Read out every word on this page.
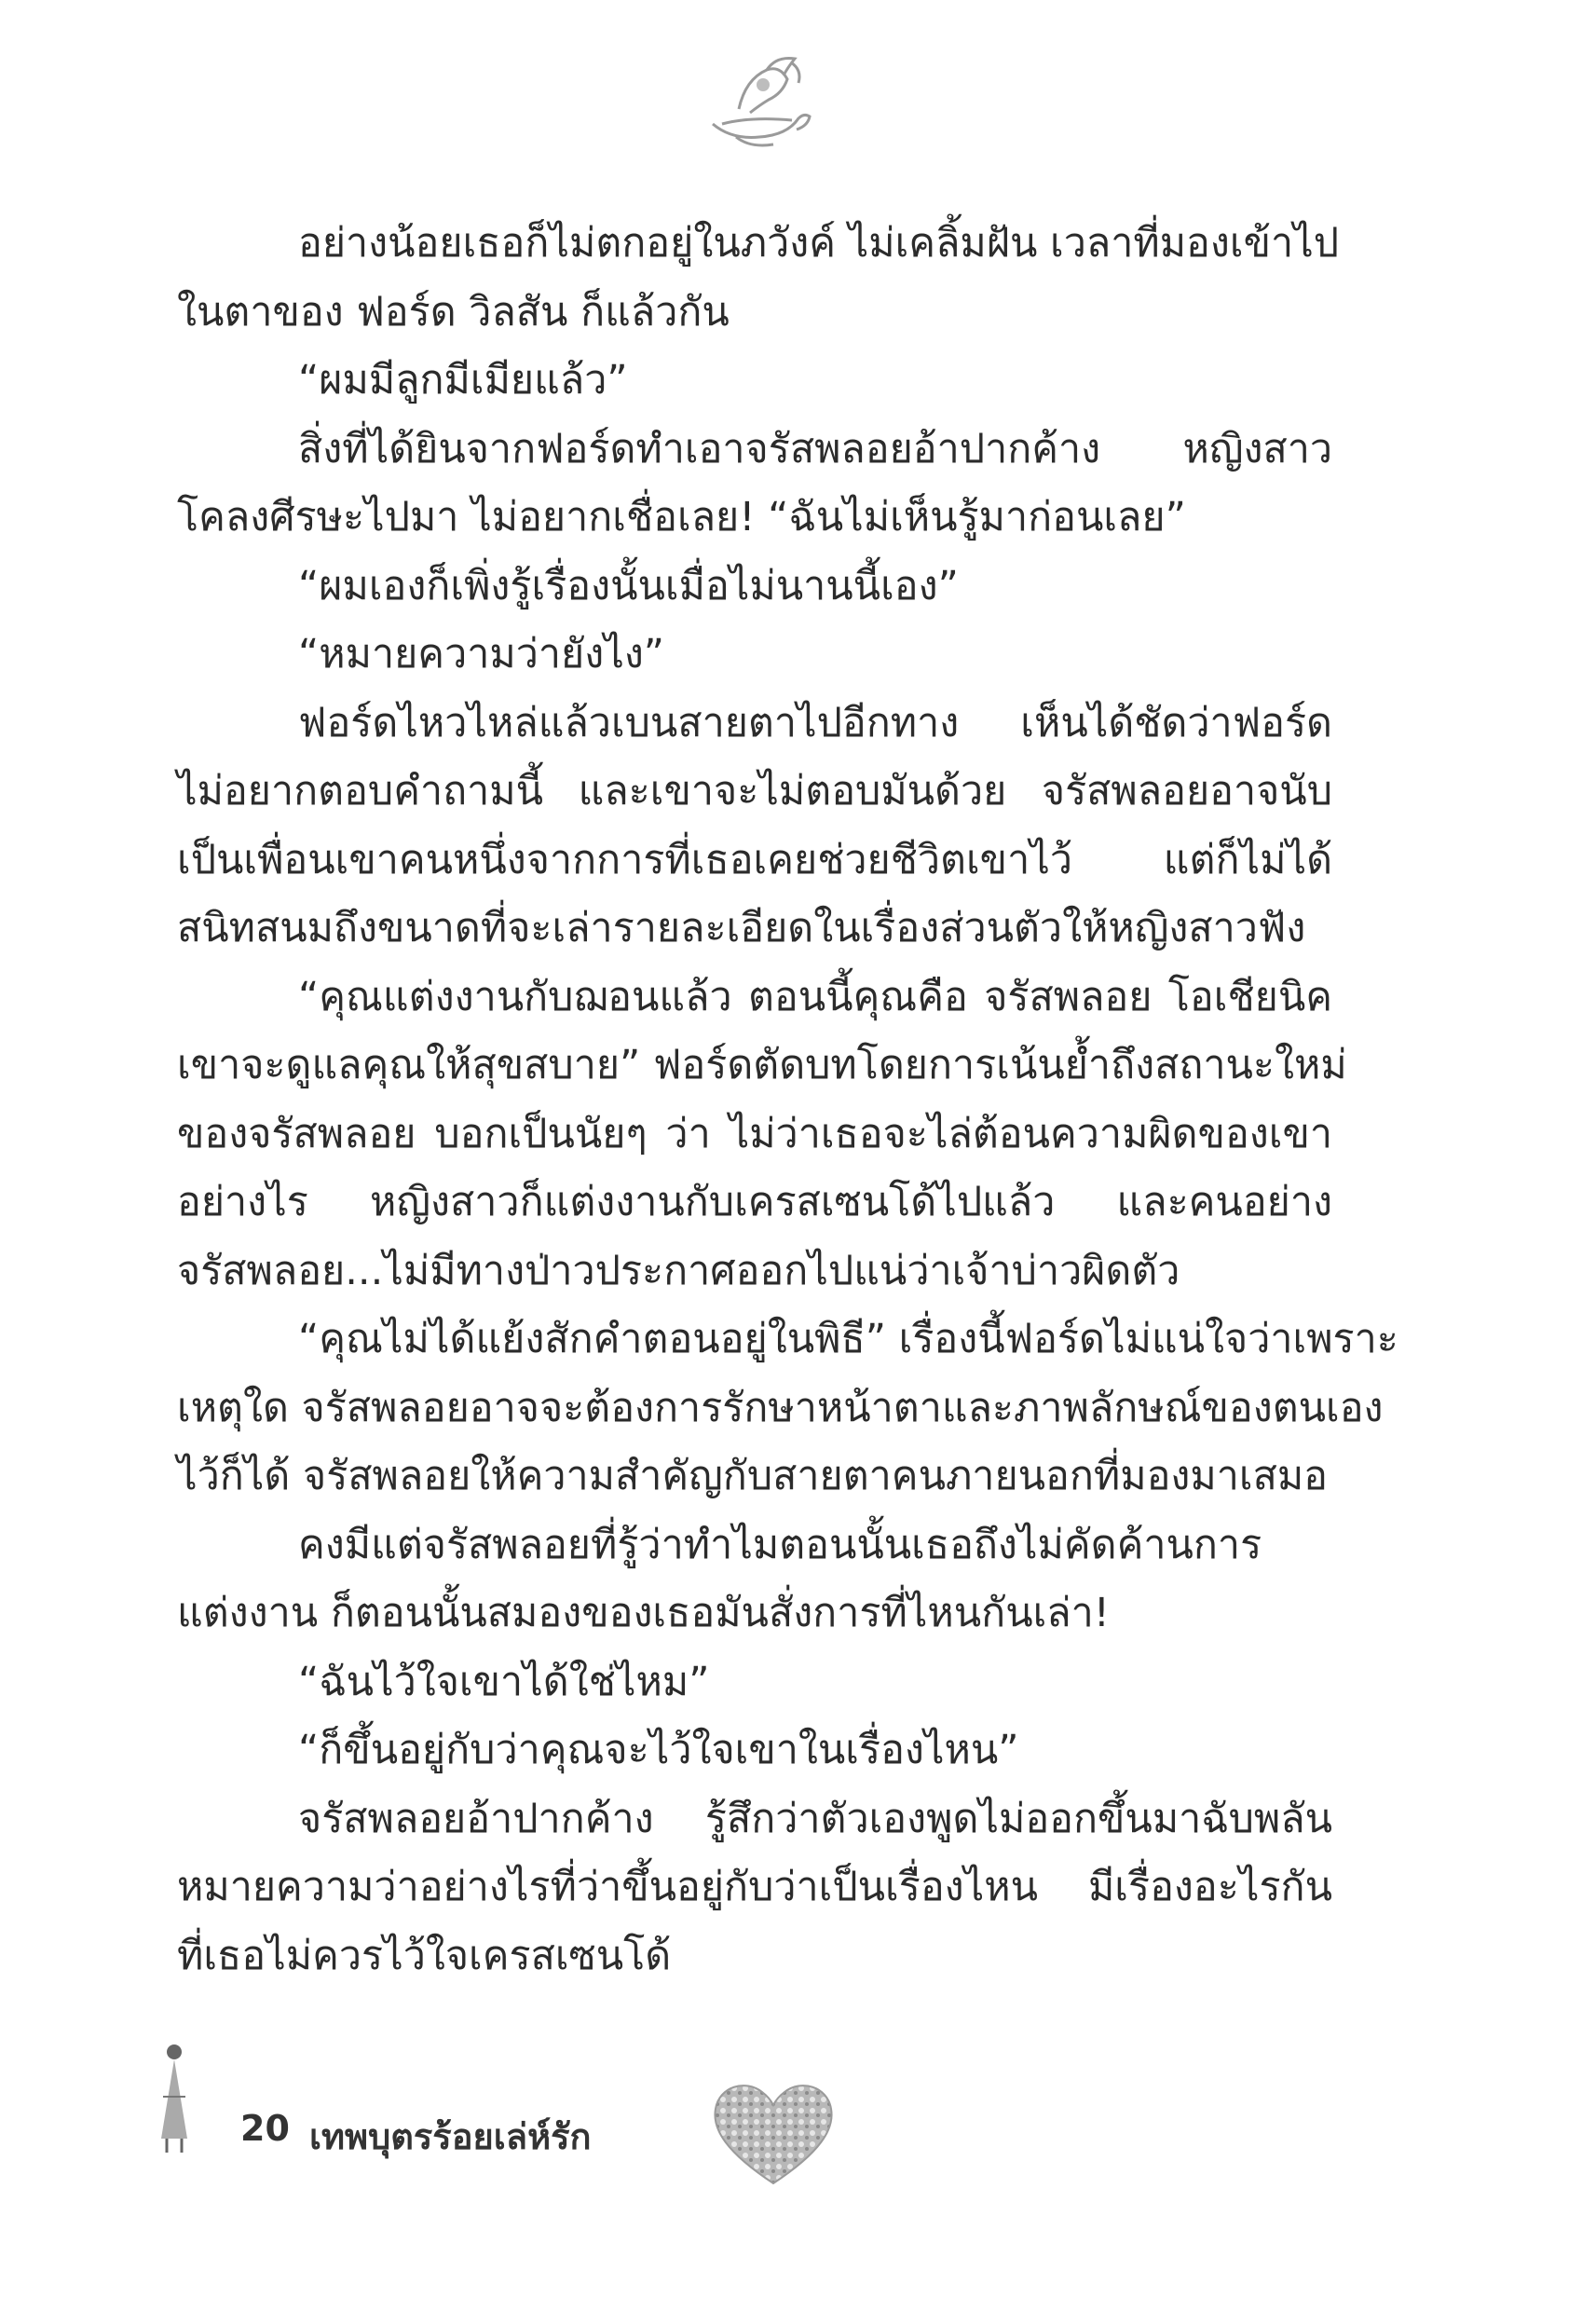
อย่างน้อยเธอก็ไม่ตกอยู่ในภวังค์ ไม่เคลิ้มฝัน เวลาที่มองเข้าไป
ในตาของ ฟอร์ด วิลสัน ก็แล้วกัน
“ผมมีลูกมีเมียแล้ว”
สิ่งที่ได้ยินจากฟอร์ดทำเอาจรัสพลอยอ้าปากค้าง หญิงสาว
โคลงศีรษะไปมา ไม่อยากเชื่อเลย! “ฉันไม่เห็นรู้มาก่อนเลย”
“ผมเองก็เพิ่งรู้เรื่องนั้นเมื่อไม่นานนี้เอง”
“หมายความว่ายังไง”
ฟอร์ดไหวไหล่แล้วเบนสายตาไปอีกทาง เห็นได้ชัดว่าฟอร์ด
ไม่อยากตอบคำถามนี้ และเขาจะไม่ตอบมันด้วย จรัสพลอยอาจนับ
เป็นเพื่อนเขาคนหนึ่งจากการที่เธอเคยช่วยชีวิตเขาไว้ แต่ก็ไม่ได้
สนิทสนมถึงขนาดที่จะเล่ารายละเอียดในเรื่องส่วนตัวให้หญิงสาวฟัง
“คุณแต่งงานกับฌอนแล้ว ตอนนี้คุณคือ จรัสพลอย โอเชียนิค
เขาจะดูแลคุณให้สุขสบาย” ฟอร์ดตัดบทโดยการเน้นย้ำถึงสถานะใหม่
ของจรัสพลอย บอกเป็นนัยๆ ว่า ไม่ว่าเธอจะไล่ต้อนความผิดของเขา
อย่างไร หญิงสาวก็แต่งงานกับเครสเซนโด้ไปแล้ว และคนอย่าง
จรัสพลอย...ไม่มีทางป่าวประกาศออกไปแน่ว่าเจ้าบ่าวผิดตัว
“คุณไม่ได้แย้งสักคำตอนอยู่ในพิธี” เรื่องนี้ฟอร์ดไม่แน่ใจว่าเพราะ
เหตุใด จรัสพลอยอาจจะต้องการรักษาหน้าตาและภาพลักษณ์ของตนเอง
ไว้ก็ได้ จรัสพลอยให้ความสำคัญกับสายตาคนภายนอกที่มองมาเสมอ
คงมีแต่จรัสพลอยที่รู้ว่าทำไมตอนนั้นเธอถึงไม่คัดค้านการ
แต่งงาน ก็ตอนนั้นสมองของเธอมันสั่งการที่ไหนกันเล่า!
“ฉันไว้ใจเขาได้ใช่ไหม”
“ก็ขึ้นอยู่กับว่าคุณจะไว้ใจเขาในเรื่องไหน”
จรัสพลอยอ้าปากค้าง รู้สึกว่าตัวเองพูดไม่ออกขึ้นมาฉับพลัน
หมายความว่าอย่างไรที่ว่าขึ้นอยู่กับว่าเป็นเรื่องไหน มีเรื่องอะไรกัน
ที่เธอไม่ควรไว้ใจเครสเซนโด้
20 เทพบุตรร้อยเล่ห์รัก
